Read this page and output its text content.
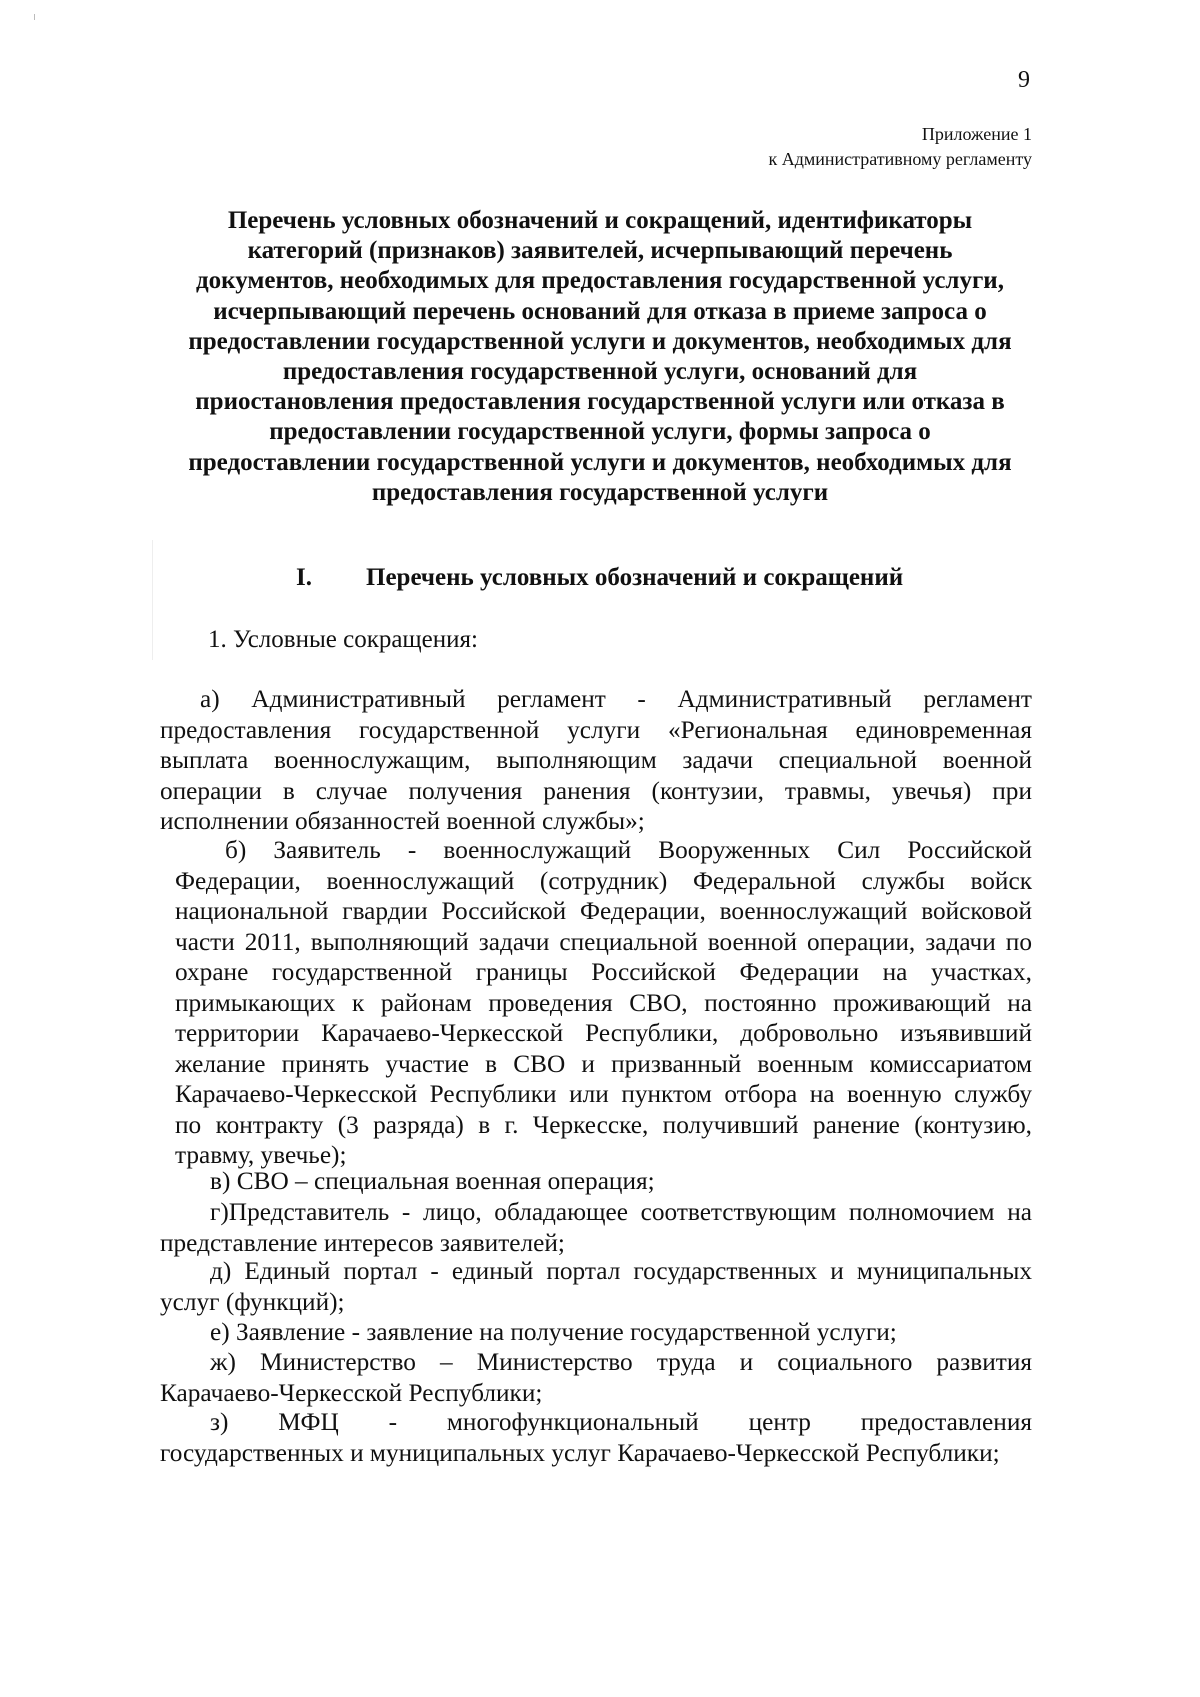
9
Приложение 1
к Административному регламенту
Перечень условных обозначений и сокращений, идентификаторы
категорий (признаков) заявителей, исчерпывающий перечень
документов, необходимых для предоставления государственной услуги,
исчерпывающий перечень оснований для отказа в приеме запроса о
предоставлении государственной услуги и документов, необходимых для
предоставления государственной услуги, оснований для
приостановления предоставления государственной услуги или отказа в
предоставлении государственной услуги, формы запроса о
предоставлении государственной услуги и документов, необходимых для
предоставления государственной услуги
I. Перечень условных обозначений и сокращений
1. Условные сокращения:
а) Административный регламент - Административный регламент
предоставления государственной услуги «Региональная единовременная
выплата военнослужащим, выполняющим задачи специальной военной
операции в случае получения ранения (контузии, травмы, увечья) при
исполнении обязанностей военной службы»;
б) Заявитель - военнослужащий Вооруженных Сил Российской
Федерации, военнослужащий (сотрудник) Федеральной службы войск
национальной гвардии Российской Федерации, военнослужащий войсковой
части 2011, выполняющий задачи специальной военной операции, задачи по
охране государственной границы Российской Федерации на участках,
примыкающих к районам проведения СВО, постоянно проживающий на
территории Карачаево-Черкесской Республики, добровольно изъявивший
желание принять участие в СВО и призванный военным комиссариатом
Карачаево-Черкесской Республики или пунктом отбора на военную службу
по контракту (3 разряда) в г. Черкесске, получивший ранение (контузию,
травму, увечье);
в) СВО – специальная военная операция;
г)Представитель - лицо, обладающее соответствующим полномочием на
представление интересов заявителей;
д) Единый портал - единый портал государственных и муниципальных
услуг (функций);
е) Заявление - заявление на получение государственной услуги;
ж) Министерство – Министерство труда и социального развития
Карачаево-Черкесской Республики;
з) МФЦ - многофункциональный центр предоставления
государственных и муниципальных услуг Карачаево-Черкесской Республики;
